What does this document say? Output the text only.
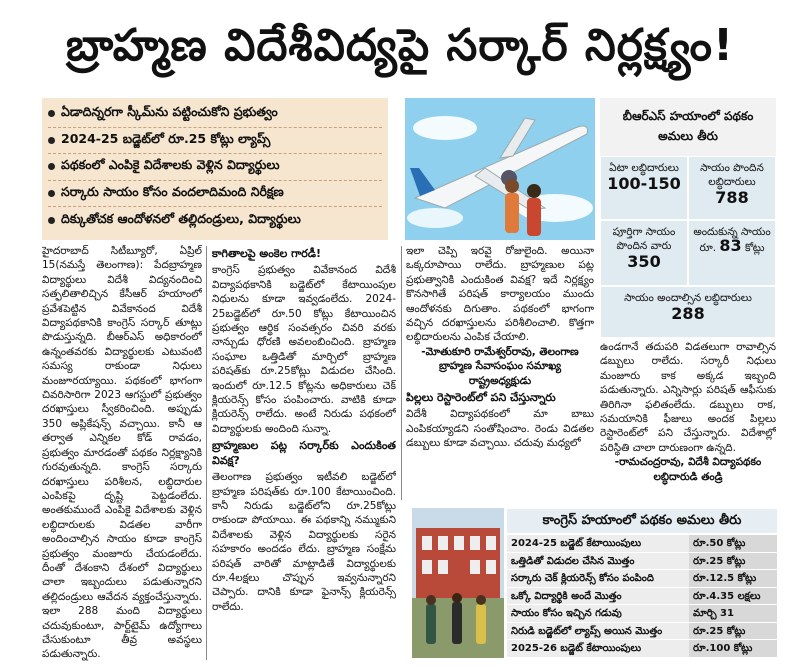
బ్రాహ్మణ విదేశీవిద్యపై సర్కార్ నిర్లక్ష్యం!
ఏడాదిన్నరగా స్కీమ్‌ను పట్టించుకోని ప్రభుత్వం
2024-25 బడ్జెట్‌లో రూ.25 కోట్లు ల్యాప్స్
పథకంలో ఎంపికై విదేశాలకు వెళ్లిన విద్యార్థులు
సర్కారు సాయం కోసం వందలాదిమంది నిరీక్షణ
దిక్కుతోచక ఆందోళనలో తల్లిదండ్రులు, విద్యార్థులు
బీఆర్‌ఎస్ హయాంలో పథకం అమలు తీరు
ఏటా లబ్ధిదారులు
100-150
సాయం పొందిన లబ్ధిదారులు
788
పూర్తిగా సాయం పొందిన వారు
350
అందుకున్న సాయం రూ. 83 కోట్లు
సాయం అందాల్సిన లబ్ధిదారులు
288

హైదరాబాద్ సిటీబ్యూరో, ఏప్రిల్ 15(నమస్తే తెలంగాణ): పేదబ్రాహ్మణ విద్యార్థులు విదేశీ విద్యనందించి సత్ఫలితాలిచ్చిన కేసీఆర్ హయాంలో ప్రవేశపెట్టిన వివేకానంద విదేశీ విద్యాపథకానికి కాంగ్రెస్ సర్కార్ తూట్లు పొడుస్తున్నది. బీఆర్‌ఎస్ అధికారంలో ఉన్నంతవరకు విద్యార్థులకు ఎటువంటి సమస్య రాకుండా నిధులు మంజూరయ్యాయి. పథకంలో భాగంగా చివరిసారిగా 2023 ఆగస్టులో ప్రభుత్వం దరఖాస్తులు స్వీకరించింది. అప్పుడు 350 అప్లికేషన్స్ వచ్చాయి. కానీ ఆ తర్వాత ఎన్నికల కోడ్ రావడం, ప్రభుత్వం మారడంతో పథకం నిర్లక్ష్యానికి గురవుతున్నది. కాంగ్రెస్ సర్కారు దరఖాస్తులు పరిశీలన, లబ్ధిదారుల ఎంపికపై దృష్టి పెట్టడంలేదు. అంతకుముందే ఎంపికై విదేశాలకు వెళ్లిన లబ్ధిదారులకు విడతల వారీగా అందించాల్సిన సాయం కూడా కాంగ్రెస్ ప్రభుత్వం మంజూరు చేయడంలేదు. దీంతో దేశంకాని దేశంలో విద్యార్థులు చాలా ఇబ్బందులు పడుతున్నారని తల్లిదండ్రులు ఆవేదన వ్యక్తంచేస్తున్నారు. ఇలా 288 మంది విద్యార్థులు చదువుకుంటూ, పార్ట్‌టైమ్ ఉద్యోగాలు చేసుకుంటూ తీవ్ర అవస్థలు పడుతున్నారు.

కాగితాలపై అంకెల గారడీ!

కాంగ్రెస్ ప్రభుత్వం వివేకానంద విదేశీ విద్యాపథకానికి బడ్జెట్‌లో కేటాయింపుల నిధులను కూడా ఇవ్వడంలేదు. 2024-25బడ్జెట్‌లో రూ.50 కోట్లు కేటాయించిన ప్రభుత్వం ఆర్థిక సంవత్సరం చివరి వరకు నాన్చుడు ధోరణి అవలంబించింది. బ్రాహ్మణ సంఘాల ఒత్తిడితో మార్చిలో బ్రాహ్మణ పరిషత్‌కు రూ.25కోట్లు విడుదల చేసింది. ఇందులో రూ.12.5 కోట్లను అధికారులు చెక్ క్లియరెన్స్ కోసం పంపించారు. వాటికి కూడా క్లియరెన్స్ రాలేదు. అంటే నిరుడు పథకంలో విద్యార్థులకు అందింది సున్నా.

బ్రాహ్మణుల పట్ల సర్కార్‌కు ఎందుకింత వివక్ష?

తెలంగాణ ప్రభుత్వం ఇటీవలి బడ్జెట్‌లో బ్రాహ్మణ పరిషత్‌కు రూ.100 కేటాయించింది. కానీ నిరుడు బడ్జెట్‌లోని రూ.25కోట్లు రాకుండా పోయాయి. ఈ పథకాన్ని నమ్ముకుని విదేశాలకు వెళ్లిన విద్యార్థులకు సరైన సహకారం అందడం లేదు. బ్రాహ్మణ సంక్షేమ పరిషత్ వారితో మాట్లాడితే విద్యార్థులకు రూ.4లక్షలు చొప్పున ఇవ్వనున్నారని చెప్పారు. దానికి కూడా ఫైనాన్స్ క్లియరెన్స్ రాలేదు.

ఇలా చెప్పి ఇరవై రోజులైంది. అయినా ఒక్కరూపాయి రాలేదు. బ్రాహ్మణుల పట్ల ప్రభుత్వానికి ఎందుకింత వివక్ష? ఇదే నిర్లక్ష్యం కొనసాగితే పరిషత్ కార్యాలయం ముందు ఆందోళనకు దిగుతాం. పథకంలో భాగంగా వచ్చిన దరఖాస్తులను పరిశీలించాలి. కొత్తగా లబ్ధిదారులను ఎంపిక చేయాలి.

-మోతుకూరి రామేశ్వర్‌రావు, తెలంగాణ బ్రాహ్మణ సేవాసంఘం సమాఖ్య రాష్ట్రఅధ్యక్షుడు
పిల్లలు రెస్టారెంట్‌లో పని చేస్తున్నారు

విదేశీ విద్యాపథకంలో మా బాబు ఎంపికయ్యాడని సంతోషించాం. రెండు విడతల డబ్బులు కూడా వచ్చాయి. చదువు మధ్యలో

ఉండగానే తదుపరి విడతలుగా రావాల్సిన డబ్బులు రాలేదు. సర్కారీ నిధులు మంజూరు కాక అక్కడ ఇబ్బంది పడుతున్నారు. ఎన్నిసార్లు పరిషత్ ఆఫీసుకు తిరిగినా ఫలితంలేదు. డబ్బులు రాక, సమయానికి ఫీజులు అందక పిల్లలు రెస్టారెంట్‌లో పని చేస్తున్నారు. విదేశాల్లో పరిస్థితి చాలా దారుణంగా ఉన్నది.

-రామచంద్రరావు, విదేశీ విద్యాపథకం లబ్ధిదారుడి తండ్రి
కాంగ్రెస్ హయాంలో పథకం అమలు తీరు
2024-25 బడ్జెట్ కేటాయింపులు	రూ.50 కోట్లు
ఒత్తిడితో విడుదల చేసిన మొత్తం	రూ.25 కోట్లు
సర్కారు చెక్ క్లియరెన్స్ కోసం పంపింది	రూ.12.5 కోట్లు
ఒక్కో విద్యార్థికి అందే మొత్తం	రూ.4.35 లక్షలు
సాయం కోసం ఇచ్చిన గడువు	మార్చి 31
నిరుడి బడ్జెట్‌లో ల్యాప్స్ అయిన మొత్తం	రూ.25 కోట్లు
2025-26 బడ్జెట్ కేటాయింపులు	రూ.100 కోట్లు
